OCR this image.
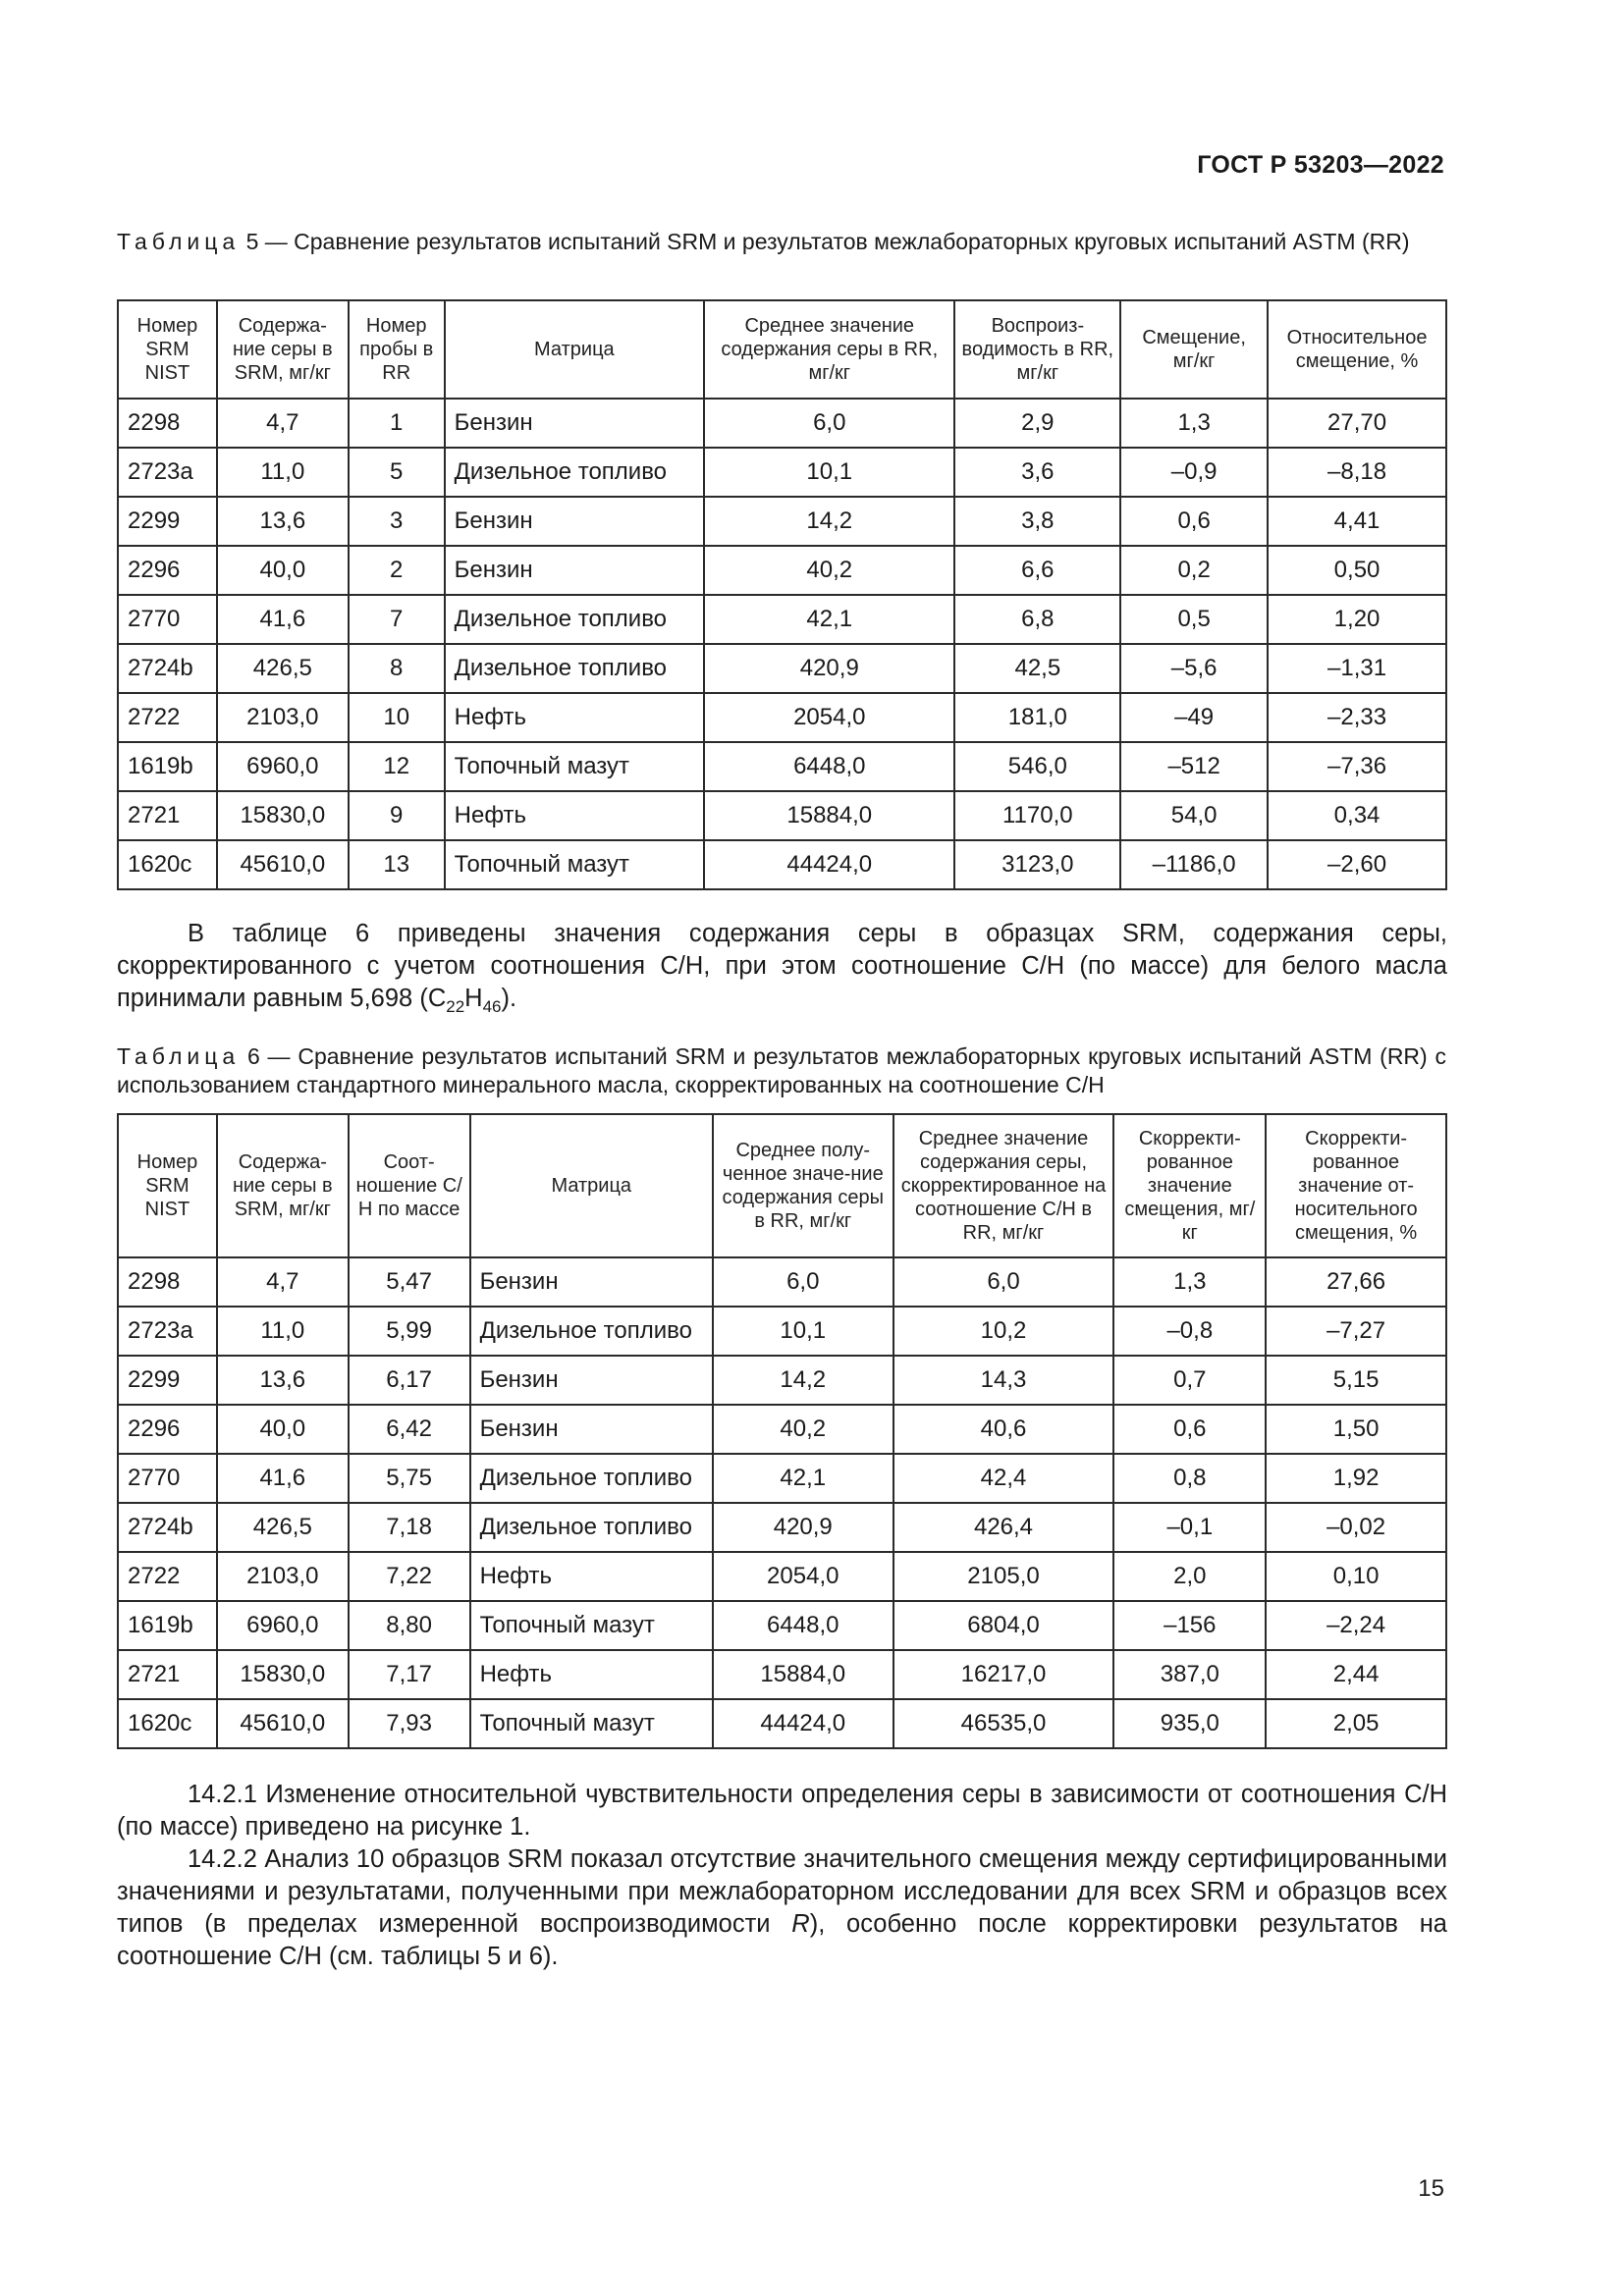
ГОСТ Р 53203—2022
Таблица 5 — Сравнение результатов испытаний SRM и результатов межлабораторных круговых испытаний ASTM (RR)
Номер SRM NIST	Содержа-ние серы в SRM, мг/кг	Номер пробы в RR	Матрица	Среднее значение содержания серы в RR, мг/кг	Воспроиз-водимость в RR, мг/кг	Смещение, мг/кг	Относительное смещение, %
2298	4,7	1	Бензин	6,0	2,9	1,3	27,70
2723a	11,0	5	Дизельное топливо	10,1	3,6	–0,9	–8,18
2299	13,6	3	Бензин	14,2	3,8	0,6	4,41
2296	40,0	2	Бензин	40,2	6,6	0,2	0,50
2770	41,6	7	Дизельное топливо	42,1	6,8	0,5	1,20
2724b	426,5	8	Дизельное топливо	420,9	42,5	–5,6	–1,31
2722	2103,0	10	Нефть	2054,0	181,0	–49	–2,33
1619b	6960,0	12	Топочный мазут	6448,0	546,0	–512	–7,36
2721	15830,0	9	Нефть	15884,0	1170,0	54,0	0,34
1620c	45610,0	13	Топочный мазут	44424,0	3123,0	–1186,0	–2,60

В таблице 6 приведены значения содержания серы в образцах SRM, содержания серы, скорректированного с учетом соотношения С/Н, при этом соотношение С/Н (по массе) для белого масла принимали равным 5,698 $(C_{22}H_{46})$.

Таблица 6 — Сравнение результатов испытаний SRM и результатов межлабораторных круговых испытаний ASTM (RR) с использованием стандартного минерального масла, скорректированных на соотношение С/Н
Номер SRM NIST	Содержа-ние серы в SRM, мг/кг	Соот-ношение С/Н по массе	Матрица	Среднее полу-ченное значе-ние содержания серы в RR, мг/кг	Среднее значение содержания серы, скорректированное на соотношение С/Н в RR, мг/кг	Скорректи-рованное значение смещения, мг/кг	Скорректи-рованное значение от-носительного смещения, %
2298	4,7	5,47	Бензин	6,0	6,0	1,3	27,66
2723a	11,0	5,99	Дизельное топливо	10,1	10,2	–0,8	–7,27
2299	13,6	6,17	Бензин	14,2	14,3	0,7	5,15
2296	40,0	6,42	Бензин	40,2	40,6	0,6	1,50
2770	41,6	5,75	Дизельное топливо	42,1	42,4	0,8	1,92
2724b	426,5	7,18	Дизельное топливо	420,9	426,4	–0,1	–0,02
2722	2103,0	7,22	Нефть	2054,0	2105,0	2,0	0,10
1619b	6960,0	8,80	Топочный мазут	6448,0	6804,0	–156	–2,24
2721	15830,0	7,17	Нефть	15884,0	16217,0	387,0	2,44
1620c	45610,0	7,93	Топочный мазут	44424,0	46535,0	935,0	2,05

14.2.1 Изменение относительной чувствительности определения серы в зависимости от соотношения С/Н (по массе) приведено на рисунке 1.

14.2.2 Анализ 10 образцов SRM показал отсутствие значительного смещения между сертифицированными значениями и результатами, полученными при межлабораторном исследовании для всех SRM и образцов всех типов (в пределах измеренной воспроизводимости R), особенно после корректировки результатов на соотношение С/Н (см. таблицы 5 и 6).

15
